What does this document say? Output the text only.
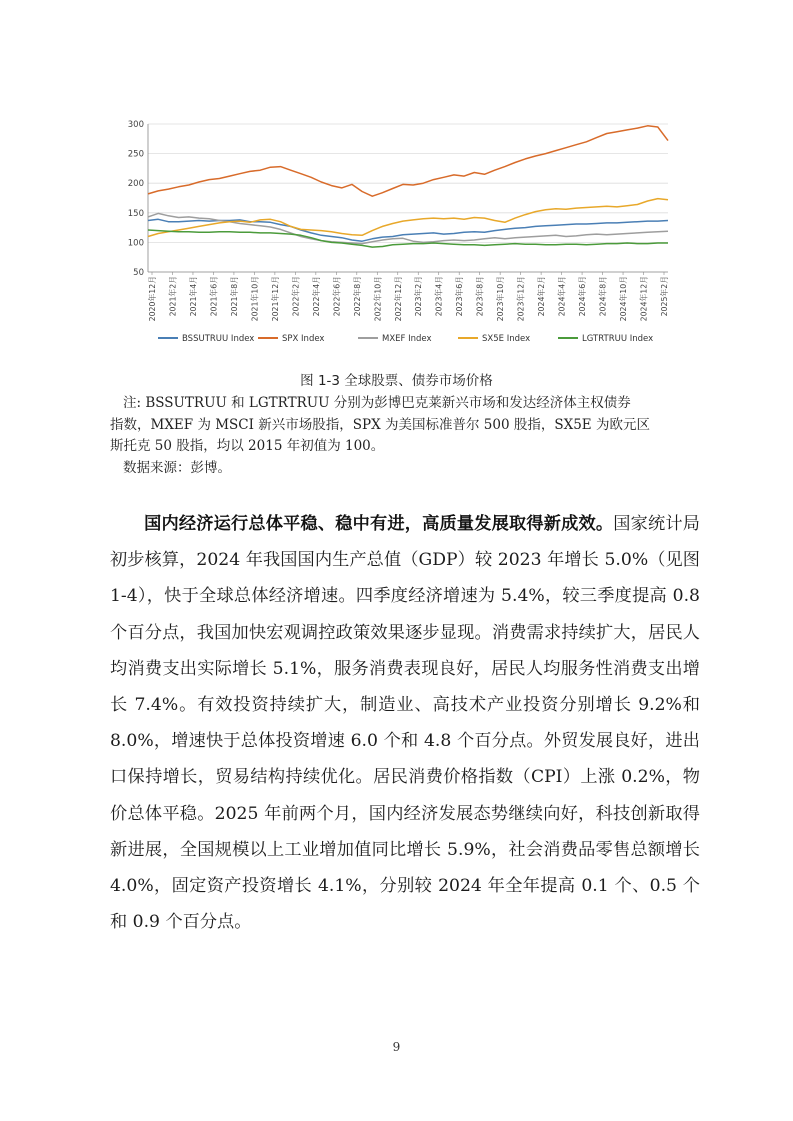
300
250
200
150
100
50
2020年12月 2021年2月 2021年4月 2021年6月 2021年8月 2021年10月 2021年12月 2022年2月 2022年4月 2022年6月 2022年8月 2022年10月 2022年12月 2023年2月 2023年4月 2023年6月 2023年8月 2023年10月 2023年12月 2024年2月 2024年4月 2024年6月 2024年8月 2024年10月 2024年12月 2025年2月
BSSUTRUU Index	SPX Index	MXEF Index	SX5E Index	LGTRTRUU Index
图 1-3 全球股票、债券市场价格

注: BSSUTRUU 和 LGTRTRUU 分别为彭博巴克莱新兴市场和发达经济体主权债券

指数，MXEF 为 MSCI 新兴市场股指，SPX 为美国标准普尔 500 股指，SX5E 为欧元区

斯托克 50 股指，均以 2015 年初值为 100。

数据来源：彭博。

国内经济运行总体平稳、稳中有进，高质量发展取得新成效。国家统计局初步核算，2024 年我国国内生产总值（GDP）较 2023 年增长 5.0%（见图 1-4），快于全球总体经济增速。四季度经济增速为 5.4%，较三季度提高 0.8 个百分点，我国加快宏观调控政策效果逐步显现。消费需求持续扩大，居民人均消费支出实际增长 5.1%，服务消费表现良好，居民人均服务性消费支出增长 7.4%。有效投资持续扩大，制造业、高技术产业投资分别增长 9.2%和 8.0%，增速快于总体投资增速 6.0 个和 4.8 个百分点。外贸发展良好，进出口保持增长，贸易结构持续优化。居民消费价格指数（CPI）上涨 0.2%，物价总体平稳。2025 年前两个月，国内经济发展态势继续向好，科技创新取得新进展，全国规模以上工业增加值同比增长 5.9%，社会消费品零售总额增长 4.0%，固定资产投资增长 4.1%，分别较 2024 年全年提高 0.1 个、0.5 个和 0.9 个百分点。
9
